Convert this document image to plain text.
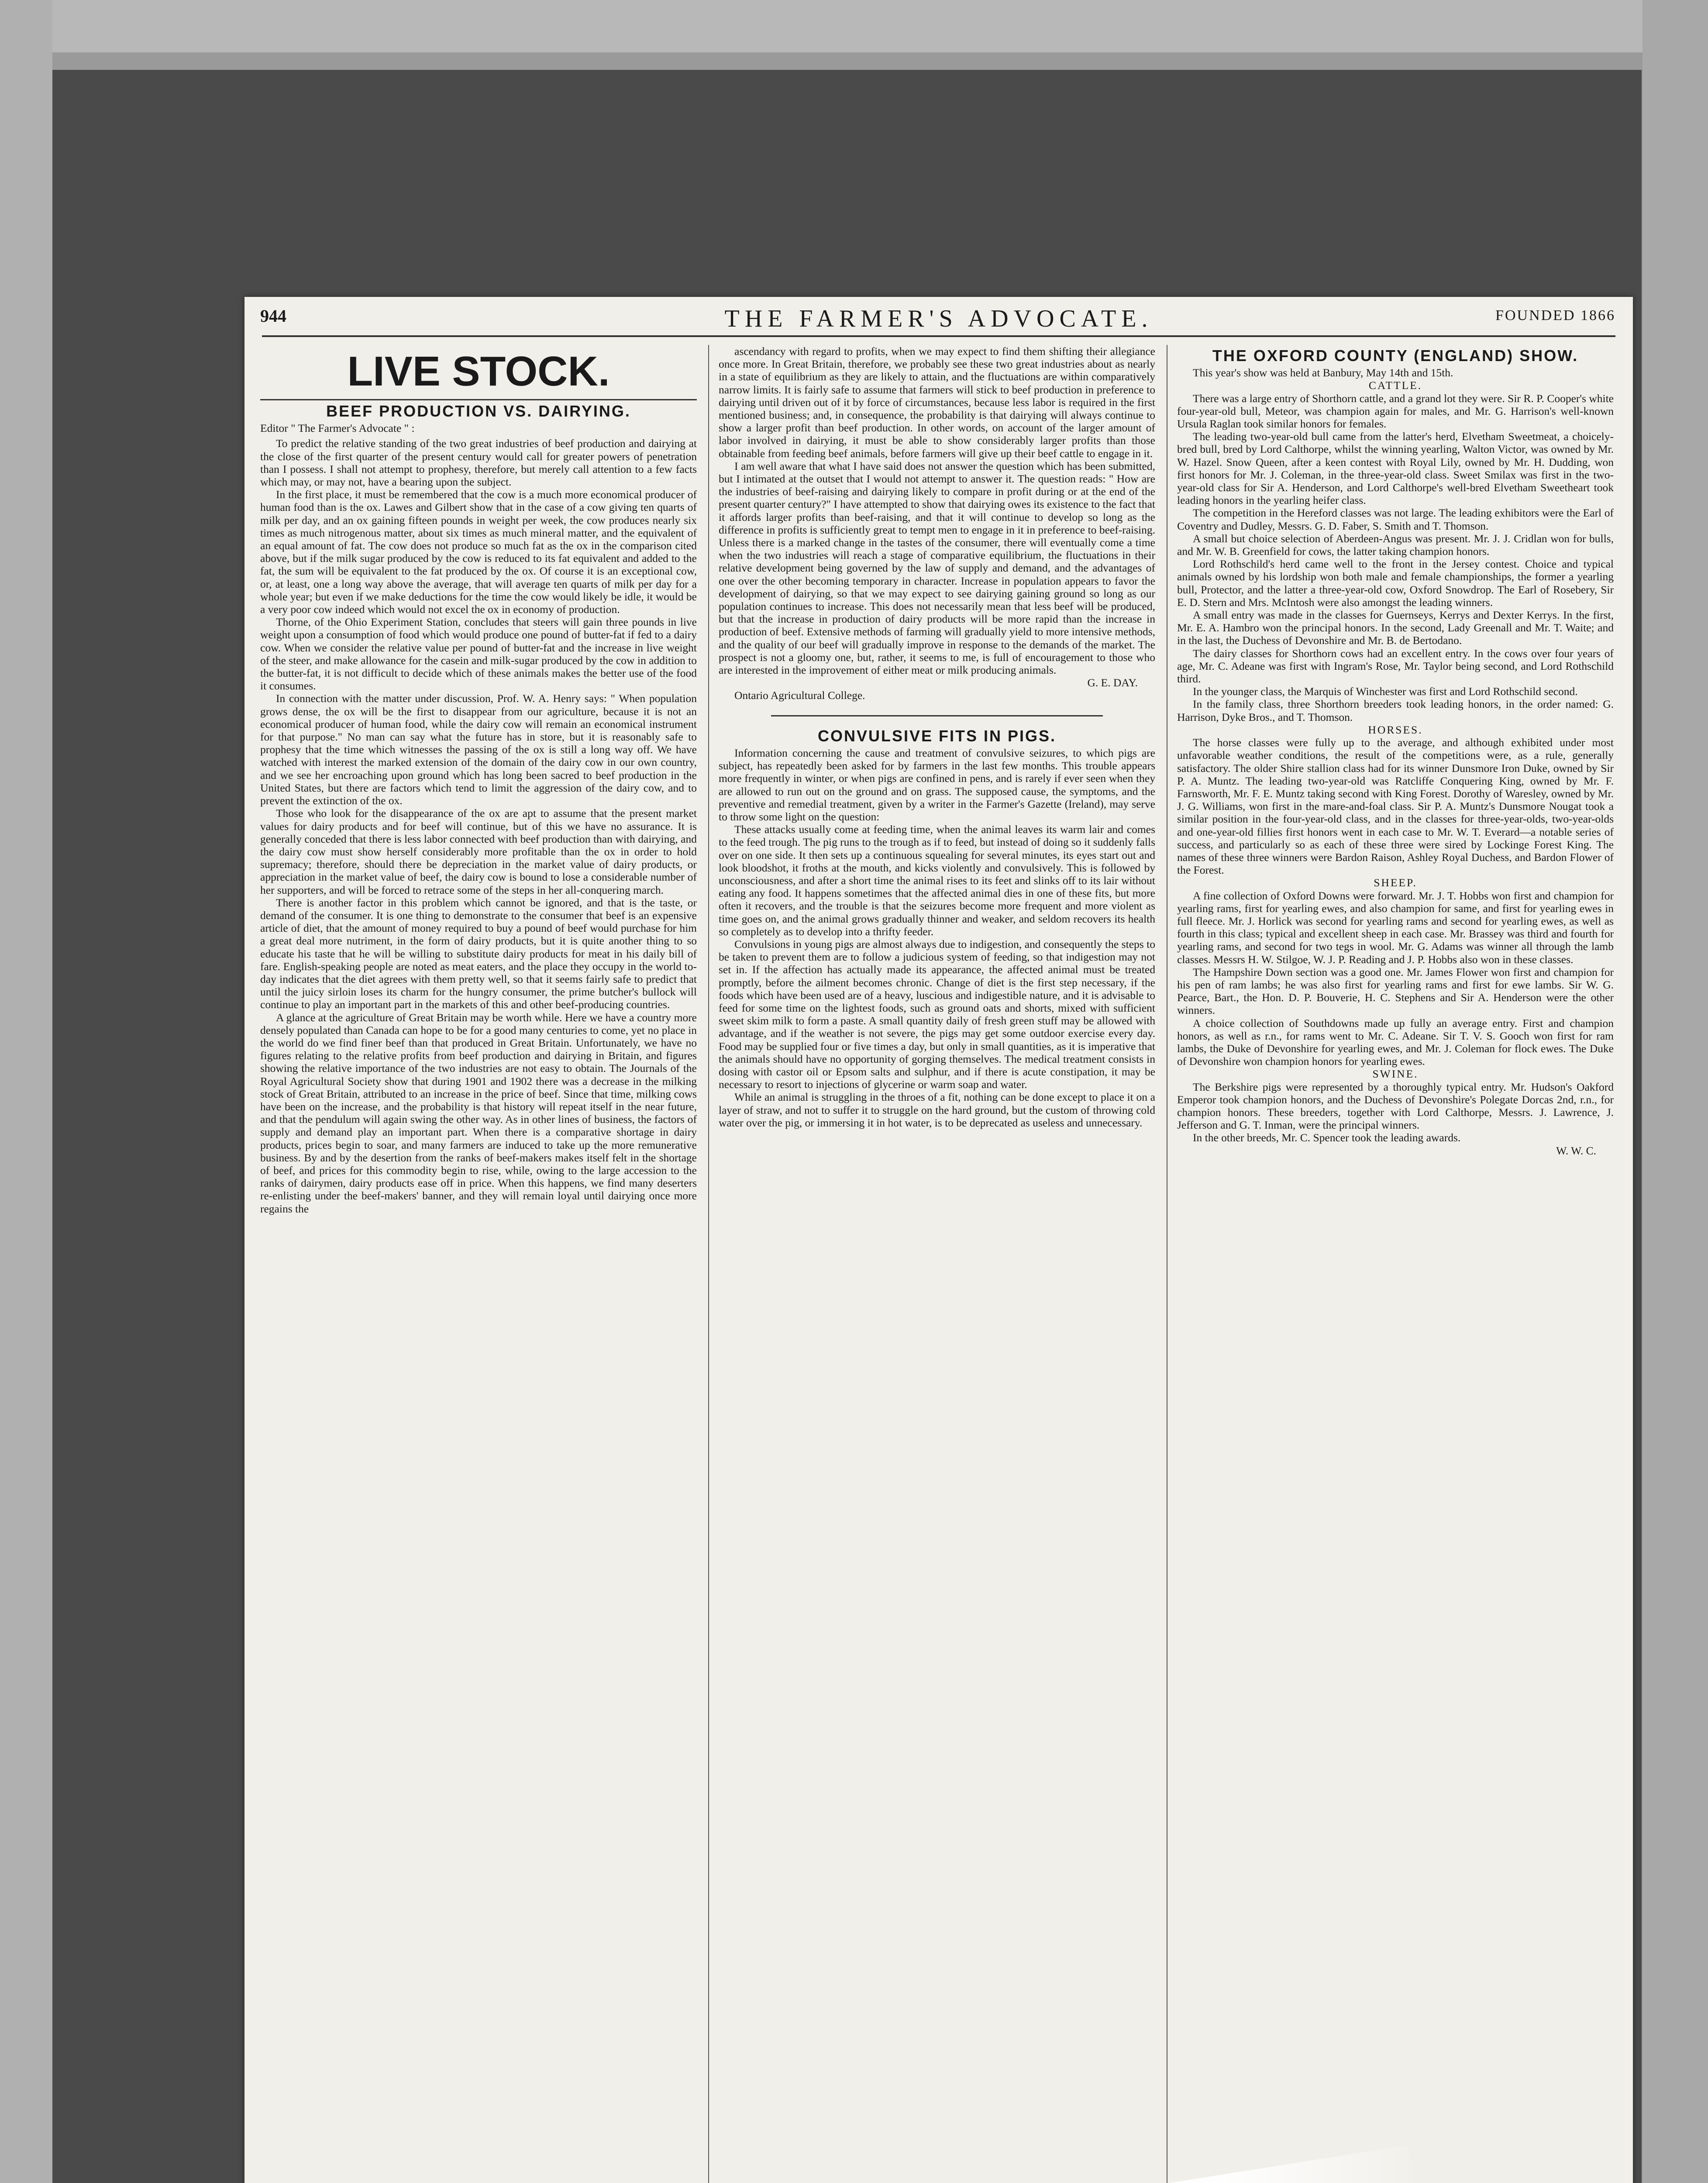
944	THE FARMER'S ADVOCATE.	FOUNDED 1866
LIVE STOCK.
BEEF PRODUCTION VS. DAIRYING.

Editor " The Farmer's Advocate " :

To predict the relative standing of the two great industries of beef production and dairying at the close of the first quarter of the present century would call for greater powers of penetration than I possess. I shall not attempt to prophesy, therefore, but merely call attention to a few facts which may, or may not, have a bearing upon the subject.

In the first place, it must be remembered that the cow is a much more economical producer of human food than is the ox. Lawes and Gilbert show that in the case of a cow giving ten quarts of milk per day, and an ox gaining fifteen pounds in weight per week, the cow produces nearly six times as much nitrogenous matter, about six times as much mineral matter, and the equivalent of an equal amount of fat. The cow does not produce so much fat as the ox in the comparison cited above, but if the milk sugar produced by the cow is reduced to its fat equivalent and added to the fat, the sum will be equivalent to the fat produced by the ox. Of course it is an exceptional cow, or, at least, one a long way above the average, that will average ten quarts of milk per day for a whole year; but even if we make deductions for the time the cow would likely be idle, it would be a very poor cow indeed which would not excel the ox in economy of production.

Thorne, of the Ohio Experiment Station, concludes that steers will gain three pounds in live weight upon a consumption of food which would produce one pound of butter-fat if fed to a dairy cow. When we consider the relative value per pound of butter-fat and the increase in live weight of the steer, and make allowance for the casein and milk-sugar produced by the cow in addition to the butter-fat, it is not difficult to decide which of these animals makes the better use of the food it consumes.

In connection with the matter under discussion, Prof. W. A. Henry says: " When population grows dense, the ox will be the first to disappear from our agriculture, because it is not an economical producer of human food, while the dairy cow will remain an economical instrument for that purpose." No man can say what the future has in store, but it is reasonably safe to prophesy that the time which witnesses the passing of the ox is still a long way off. We have watched with interest the marked extension of the domain of the dairy cow in our own country, and we see her encroaching upon ground which has long been sacred to beef production in the United States, but there are factors which tend to limit the aggression of the dairy cow, and to prevent the extinction of the ox.

Those who look for the disappearance of the ox are apt to assume that the present market values for dairy products and for beef will continue, but of this we have no assurance. It is generally conceded that there is less labor connected with beef production than with dairying, and the dairy cow must show herself considerably more profitable than the ox in order to hold supremacy; therefore, should there be depreciation in the market value of dairy products, or appreciation in the market value of beef, the dairy cow is bound to lose a considerable number of her supporters, and will be forced to retrace some of the steps in her all-conquering march.

There is another factor in this problem which cannot be ignored, and that is the taste, or demand of the consumer. It is one thing to demonstrate to the consumer that beef is an expensive article of diet, that the amount of money required to buy a pound of beef would purchase for him a great deal more nutriment, in the form of dairy products, but it is quite another thing to so educate his taste that he will be willing to substitute dairy products for meat in his daily bill of fare. English-speaking people are noted as meat eaters, and the place they occupy in the world to-day indicates that the diet agrees with them pretty well, so that it seems fairly safe to predict that until the juicy sirloin loses its charm for the hungry consumer, the prime butcher's bullock will continue to play an important part in the markets of this and other beef-producing countries.

A glance at the agriculture of Great Britain may be worth while. Here we have a country more densely populated than Canada can hope to be for a good many centuries to come, yet no place in the world do we find finer beef than that produced in Great Britain. Unfortunately, we have no figures relating to the relative profits from beef production and dairying in Britain, and figures showing the relative importance of the two industries are not easy to obtain. The Journals of the Royal Agricultural Society show that during 1901 and 1902 there was a decrease in the milking stock of Great Britain, attributed to an increase in the price of beef. Since that time, milking cows have been on the increase, and the probability is that history will repeat itself in the near future, and that the pendulum will again swing the other way. As in other lines of business, the factors of supply and demand play an important part. When there is a comparative shortage in dairy products, prices begin to soar, and many farmers are induced to take up the more remunerative business. By and by the desertion from the ranks of beef-makers makes itself felt in the shortage of beef, and prices for this commodity begin to rise, while, owing to the large accession to the ranks of dairymen, dairy products ease off in price. When this happens, we find many deserters re-enlisting under the beef-makers' banner, and they will remain loyal until dairying once more regains the

ascendancy with regard to profits, when we may expect to find them shifting their allegiance once more. In Great Britain, therefore, we probably see these two great industries about as nearly in a state of equilibrium as they are likely to attain, and the fluctuations are within comparatively narrow limits. It is fairly safe to assume that farmers will stick to beef production in preference to dairying until driven out of it by force of circumstances, because less labor is required in the first mentioned business; and, in consequence, the probability is that dairying will always continue to show a larger profit than beef production. In other words, on account of the larger amount of labor involved in dairying, it must be able to show considerably larger profits than those obtainable from feeding beef animals, before farmers will give up their beef cattle to engage in it.

I am well aware that what I have said does not answer the question which has been submitted, but I intimated at the outset that I would not attempt to answer it. The question reads: " How are the industries of beef-raising and dairying likely to compare in profit during or at the end of the present quarter century?" I have attempted to show that dairying owes its existence to the fact that it affords larger profits than beef-raising, and that it will continue to develop so long as the difference in profits is sufficiently great to tempt men to engage in it in preference to beef-raising. Unless there is a marked change in the tastes of the consumer, there will eventually come a time when the two industries will reach a stage of comparative equilibrium, the fluctuations in their relative development being governed by the law of supply and demand, and the advantages of one over the other becoming temporary in character. Increase in population appears to favor the development of dairying, so that we may expect to see dairying gaining ground so long as our population continues to increase. This does not necessarily mean that less beef will be produced, but that the increase in production of dairy products will be more rapid than the increase in production of beef. Extensive methods of farming will gradually yield to more intensive methods, and the quality of our beef will gradually improve in response to the demands of the market. The prospect is not a gloomy one, but, rather, it seems to me, is full of encouragement to those who are interested in the improvement of either meat or milk producing animals.

G. E. DAY.

Ontario Agricultural College.

CONVULSIVE FITS IN PIGS.

Information concerning the cause and treatment of convulsive seizures, to which pigs are subject, has repeatedly been asked for by farmers in the last few months. This trouble appears more frequently in winter, or when pigs are confined in pens, and is rarely if ever seen when they are allowed to run out on the ground and on grass. The supposed cause, the symptoms, and the preventive and remedial treatment, given by a writer in the Farmer's Gazette (Ireland), may serve to throw some light on the question:

These attacks usually come at feeding time, when the animal leaves its warm lair and comes to the feed trough. The pig runs to the trough as if to feed, but instead of doing so it suddenly falls over on one side. It then sets up a continuous squealing for several minutes, its eyes start out and look bloodshot, it froths at the mouth, and kicks violently and convulsively. This is followed by unconsciousness, and after a short time the animal rises to its feet and slinks off to its lair without eating any food. It happens sometimes that the affected animal dies in one of these fits, but more often it recovers, and the trouble is that the seizures become more frequent and more violent as time goes on, and the animal grows gradually thinner and weaker, and seldom recovers its health so completely as to develop into a thrifty feeder.

Convulsions in young pigs are almost always due to indigestion, and consequently the steps to be taken to prevent them are to follow a judicious system of feeding, so that indigestion may not set in. If the affection has actually made its appearance, the affected animal must be treated promptly, before the ailment becomes chronic. Change of diet is the first step necessary, if the foods which have been used are of a heavy, luscious and indigestible nature, and it is advisable to feed for some time on the lightest foods, such as ground oats and shorts, mixed with sufficient sweet skim milk to form a paste. A small quantity daily of fresh green stuff may be allowed with advantage, and if the weather is not severe, the pigs may get some outdoor exercise every day. Food may be supplied four or five times a day, but only in small quantities, as it is imperative that the animals should have no opportunity of gorging themselves. The medical treatment consists in dosing with castor oil or Epsom salts and sulphur, and if there is acute constipation, it may be necessary to resort to injections of glycerine or warm soap and water.

While an animal is struggling in the throes of a fit, nothing can be done except to place it on a layer of straw, and not to suffer it to struggle on the hard ground, but the custom of throwing cold water over the pig, or immersing it in hot water, is to be deprecated as useless and unnecessary.

THE OXFORD COUNTY (ENGLAND) SHOW.

This year's show was held at Banbury, May 14th and 15th.

CATTLE.

There was a large entry of Shorthorn cattle, and a grand lot they were. Sir R. P. Cooper's white four-year-old bull, Meteor, was champion again for males, and Mr. G. Harrison's well-known Ursula Raglan took similar honors for females.

The leading two-year-old bull came from the latter's herd, Elvetham Sweetmeat, a choicely-bred bull, bred by Lord Calthorpe, whilst the winning yearling, Walton Victor, was owned by Mr. W. Hazel. Snow Queen, after a keen contest with Royal Lily, owned by Mr. H. Dudding, won first honors for Mr. J. Coleman, in the three-year-old class. Sweet Smilax was first in the two-year-old class for Sir A. Henderson, and Lord Calthorpe's well-bred Elvetham Sweetheart took leading honors in the yearling heifer class.

The competition in the Hereford classes was not large. The leading exhibitors were the Earl of Coventry and Dudley, Messrs. G. D. Faber, S. Smith and T. Thomson.

A small but choice selection of Aberdeen-Angus was present. Mr. J. J. Cridlan won for bulls, and Mr. W. B. Greenfield for cows, the latter taking champion honors.

Lord Rothschild's herd came well to the front in the Jersey contest. Choice and typical animals owned by his lordship won both male and female championships, the former a yearling bull, Protector, and the latter a three-year-old cow, Oxford Snowdrop. The Earl of Rosebery, Sir E. D. Stern and Mrs. McIntosh were also amongst the leading winners.

A small entry was made in the classes for Guernseys, Kerrys and Dexter Kerrys. In the first, Mr. E. A. Hambro won the principal honors. In the second, Lady Greenall and Mr. T. Waite; and in the last, the Duchess of Devonshire and Mr. B. de Bertodano.

The dairy classes for Shorthorn cows had an excellent entry. In the cows over four years of age, Mr. C. Adeane was first with Ingram's Rose, Mr. Taylor being second, and Lord Rothschild third.

In the younger class, the Marquis of Winchester was first and Lord Rothschild second.

In the family class, three Shorthorn breeders took leading honors, in the order named: G. Harrison, Dyke Bros., and T. Thomson.

HORSES.

The horse classes were fully up to the average, and although exhibited under most unfavorable weather conditions, the result of the competitions were, as a rule, generally satisfactory. The older Shire stallion class had for its winner Dunsmore Iron Duke, owned by Sir P. A. Muntz. The leading two-year-old was Ratcliffe Conquering King, owned by Mr. F. Farnsworth, Mr. F. E. Muntz taking second with King Forest. Dorothy of Waresley, owned by Mr. J. G. Williams, won first in the mare-and-foal class. Sir P. A. Muntz's Dunsmore Nougat took a similar position in the four-year-old class, and in the classes for three-year-olds, two-year-olds and one-year-old fillies first honors went in each case to Mr. W. T. Everard—a notable series of success, and particularly so as each of these three were sired by Lockinge Forest King. The names of these three winners were Bardon Raison, Ashley Royal Duchess, and Bardon Flower of the Forest.

SHEEP.

A fine collection of Oxford Downs were forward. Mr. J. T. Hobbs won first and champion for yearling rams, first for yearling ewes, and also champion for same, and first for yearling ewes in full fleece. Mr. J. Horlick was second for yearling rams and second for yearling ewes, as well as fourth in this class; typical and excellent sheep in each case. Mr. Brassey was third and fourth for yearling rams, and second for two tegs in wool. Mr. G. Adams was winner all through the lamb classes. Messrs H. W. Stilgoe, W. J. P. Reading and J. P. Hobbs also won in these classes.

The Hampshire Down section was a good one. Mr. James Flower won first and champion for his pen of ram lambs; he was also first for yearling rams and first for ewe lambs. Sir W. G. Pearce, Bart., the Hon. D. P. Bouverie, H. C. Stephens and Sir A. Henderson were the other winners.

A choice collection of Southdowns made up fully an average entry. First and champion honors, as well as r.n., for rams went to Mr. C. Adeane. Sir T. V. S. Gooch won first for ram lambs, the Duke of Devonshire for yearling ewes, and Mr. J. Coleman for flock ewes. The Duke of Devonshire won champion honors for yearling ewes.

SWINE.

The Berkshire pigs were represented by a thoroughly typical entry. Mr. Hudson's Oakford Emperor took champion honors, and the Duchess of Devonshire's Polegate Dorcas 2nd, r.n., for champion honors. These breeders, together with Lord Calthorpe, Messrs. J. Lawrence, J. Jefferson and G. T. Inman, were the principal winners.

In the other breeds, Mr. C. Spencer took the leading awards.

W. W. C.
